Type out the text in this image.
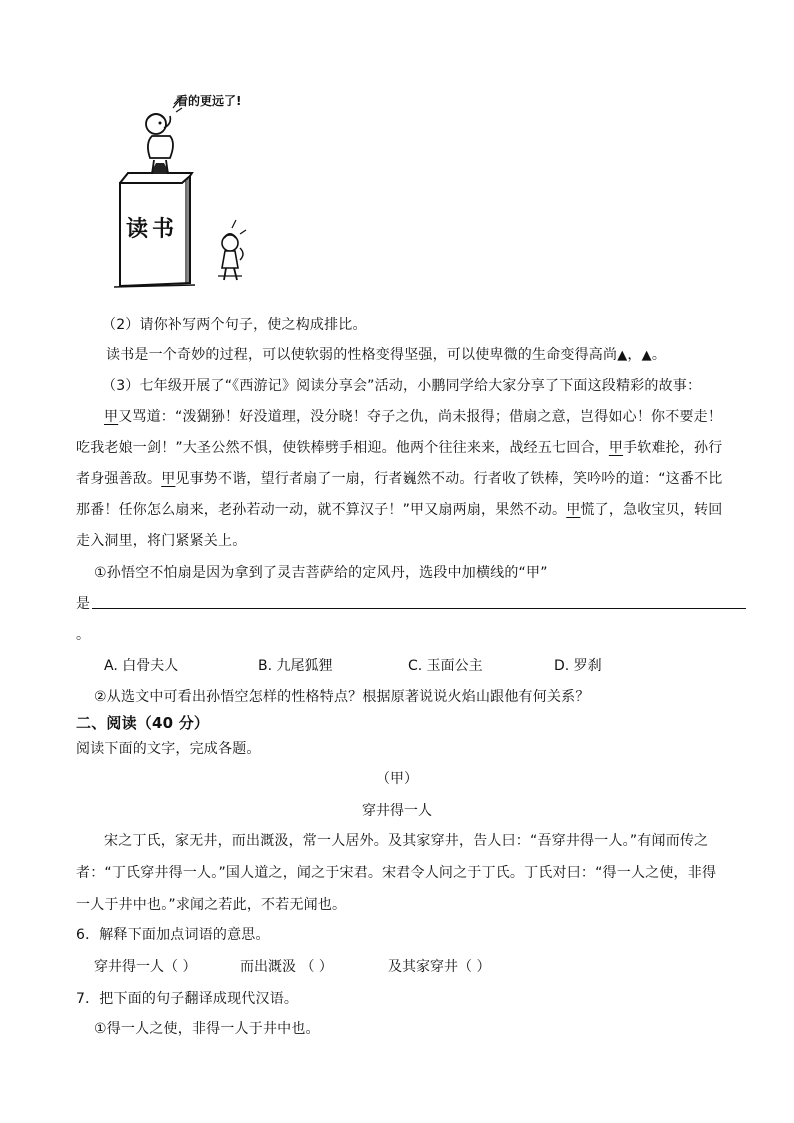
看的更远了!
读 书
（2）请你补写两个句子，使之构成排比。
读书是一个奇妙的过程，可以使软弱的性格变得坚强，可以使卑微的生命变得高尚▲，▲。
（3）七年级开展了“《西游记》阅读分享会”活动，小鹏同学给大家分享了下面这段精彩的故事：
甲又骂道：“泼猢狲！好没道理，没分晓！夺子之仇，尚未报得；借扇之意，岂得如心！你不要走！
吃我老娘一剑！”大圣公然不惧，使铁棒劈手相迎。他两个往往来来，战经五七回合，甲手软难抡，孙行
者身强善敌。甲见事势不谐，望行者扇了一扇，行者巍然不动。行者收了铁棒，笑吟吟的道：“这番不比
那番！任你怎么扇来，老孙若动一动，就不算汉子！”甲又扇两扇，果然不动。甲慌了，急收宝贝，转回
走入洞里，将门紧紧关上。
①孙悟空不怕扇是因为拿到了灵吉菩萨给的定风丹，选段中加横线的“甲”
是
。
A. 白骨夫人	B. 九尾狐狸	C. 玉面公主	D. 罗刹
②从选文中可看出孙悟空怎样的性格特点？根据原著说说火焰山跟他有何关系？
二、阅读（40 分）
阅读下面的文字，完成各题。
（甲）
穿井得一人
宋之丁氏，家无井，而出溉汲，常一人居外。及其家穿井，告人曰：“吾穿井得一人。”有闻而传之
者：“丁氏穿井得一人。”国人道之，闻之于宋君。宋君令人问之于丁氏。丁氏对曰：“得一人之使，非得
一人于井中也。”求闻之若此，不若无闻也。
6．解释下面加点词语的意思。
穿井得一人（ ）	而出溉汲 （ ）	及其家穿井（ ）
7．把下面的句子翻译成现代汉语。
①得一人之使，非得一人于井中也。
